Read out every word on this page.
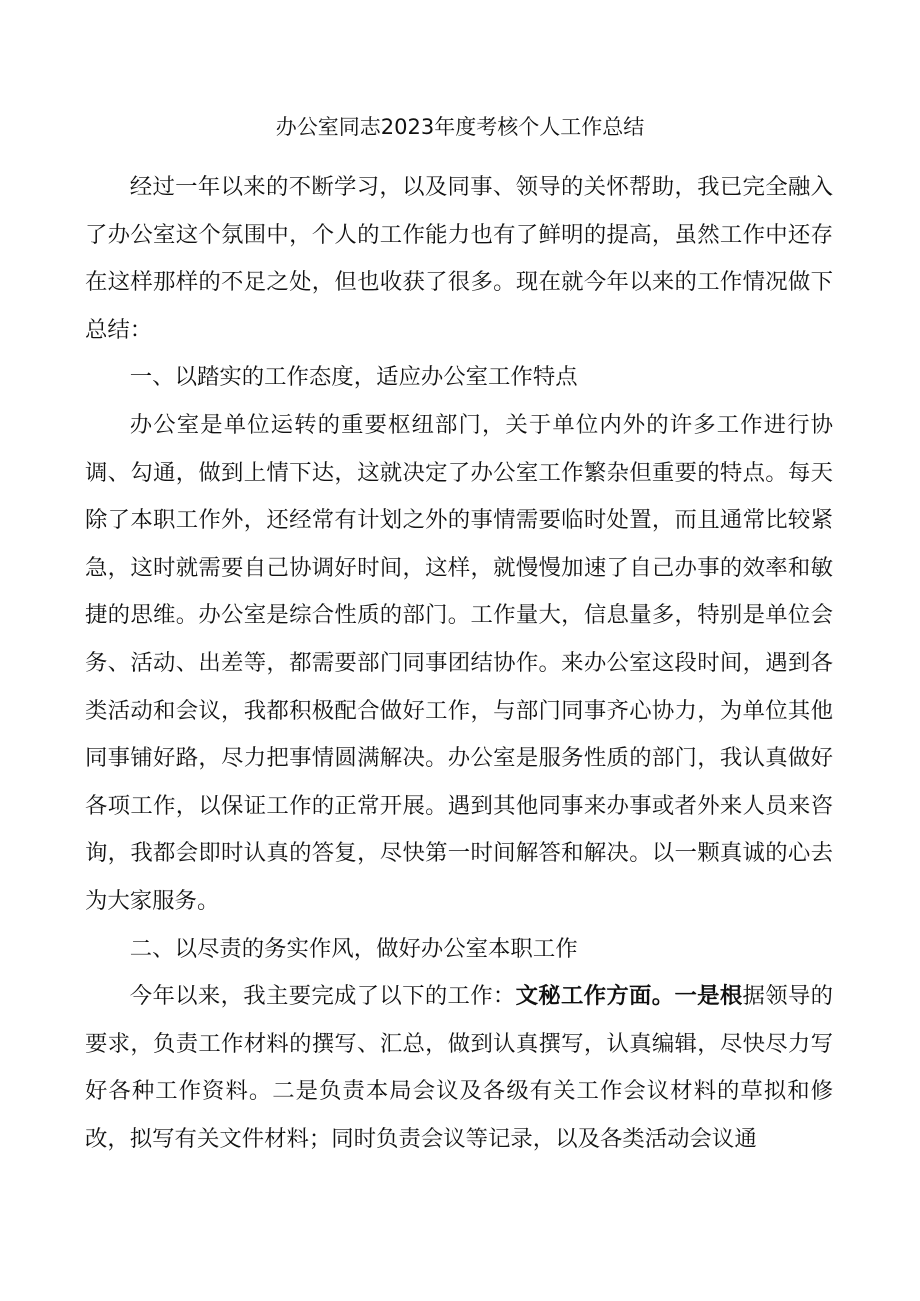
办公室同志2023年度考核个人工作总结

经过一年以来的不断学习，以及同事、领导的关怀帮助，我已完全融入了办公室这个氛围中，个人的工作能力也有了鲜明的提高，虽然工作中还存在这样那样的不足之处，但也收获了很多。现在就今年以来的工作情况做下总结：

一、以踏实的工作态度，适应办公室工作特点

办公室是单位运转的重要枢纽部门，关于单位内外的许多工作进行协调、勾通，做到上情下达，这就决定了办公室工作繁杂但重要的特点。每天除了本职工作外，还经常有计划之外的事情需要临时处置，而且通常比较紧急，这时就需要自己协调好时间，这样，就慢慢加速了自己办事的效率和敏捷的思维。办公室是综合性质的部门。工作量大，信息量多，特别是单位会务、活动、出差等，都需要部门同事团结协作。来办公室这段时间，遇到各类活动和会议，我都积极配合做好工作，与部门同事齐心协力，为单位其他同事铺好路，尽力把事情圆满解决。办公室是服务性质的部门，我认真做好各项工作，以保证工作的正常开展。遇到其他同事来办事或者外来人员来咨询，我都会即时认真的答复，尽快第一时间解答和解决。以一颗真诚的心去为大家服务。

二、以尽责的务实作风，做好办公室本职工作

今年以来，我主要完成了以下的工作：文秘工作方面。一是根据领导的要求，负责工作材料的撰写、汇总，做到认真撰写，认真编辑，尽快尽力写好各种工作资料。二是负责本局会议及各级有关工作会议材料的草拟和修改，拟写有关文件材料；同时负责会议等记录，以及各类活动会议通
